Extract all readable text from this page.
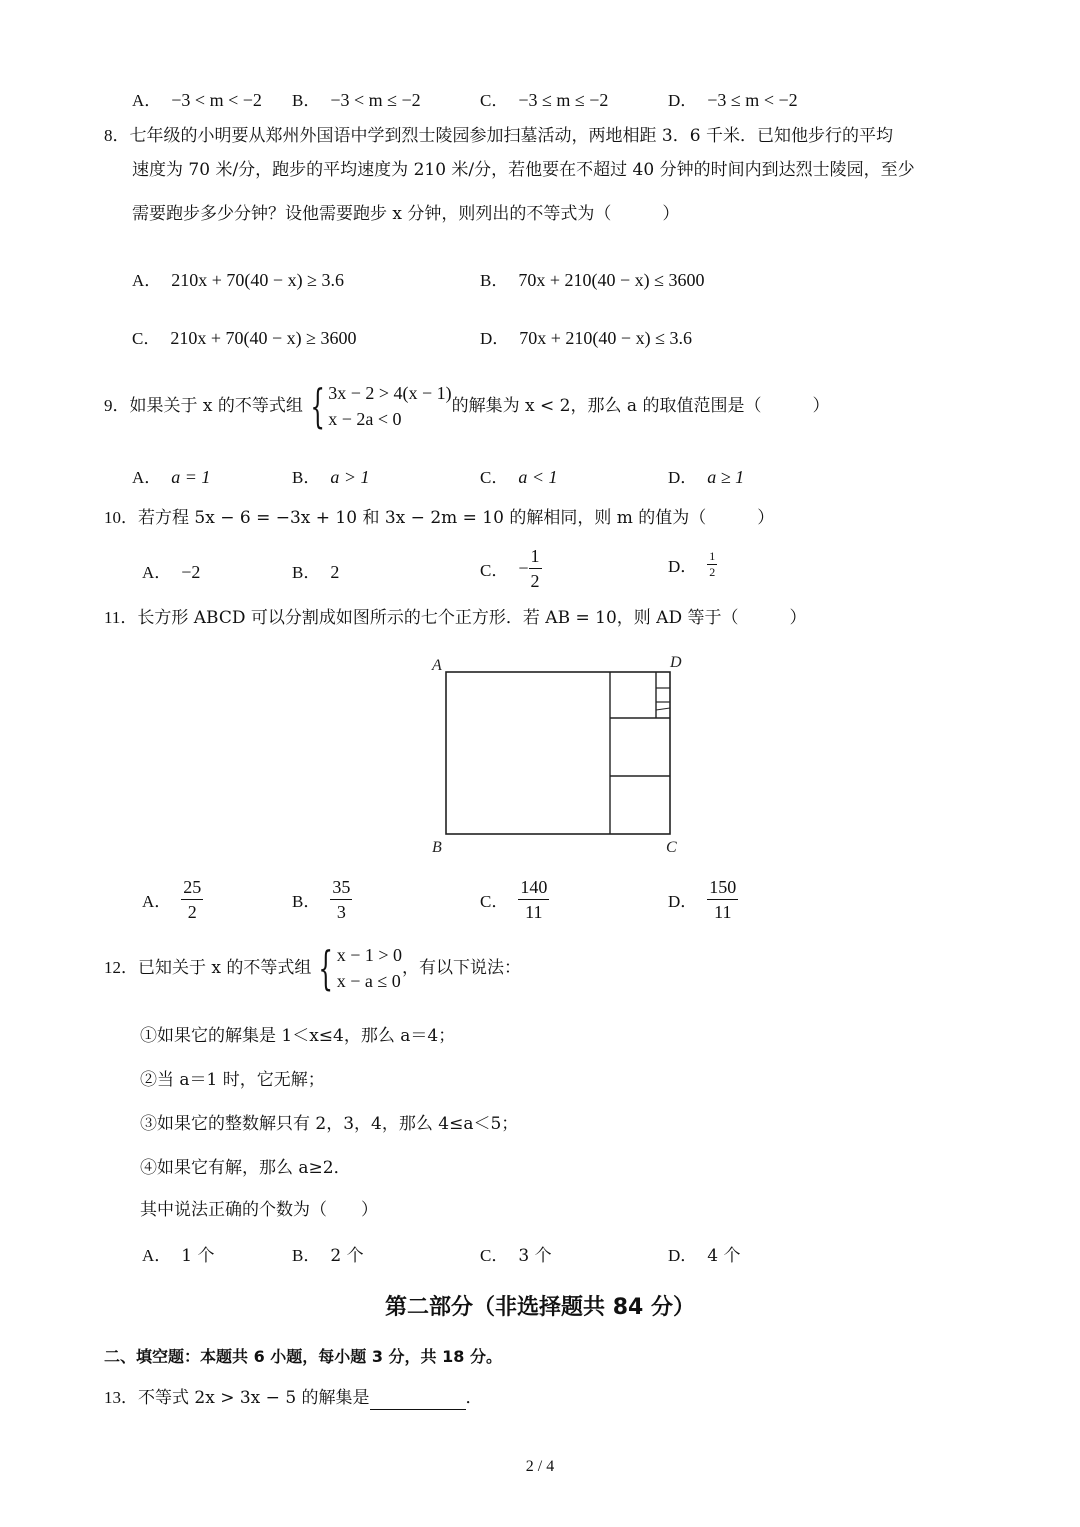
A． −3 < m < −2 B． −3 < m ≤ −2	C． −3 ≤ m ≤ −2	D． −3 ≤ m < −2
8．七年级的小明要从郑州外国语中学到烈士陵园参加扫墓活动，两地相距 3．6 千米．已知他步行的平均
速度为 70 米/分，跑步的平均速度为 210 米/分，若他要在不超过 40 分钟的时间内到达烈士陵园，至少
需要跑步多少分钟？设他需要跑步 x 分钟，则列出的不等式为（　　　）
A． 210x + 70(40 − x) ≥ 3.6	B． 70x + 210(40 − x) ≤ 3600
C． 210x + 70(40 − x) ≥ 3600	D． 70x + 210(40 − x) ≤ 3.6
9． 如果关于 x 的不等式组 { 3x − 2 > 4(x − 1)
x − 2a < 0
的解集为 x < 2，那么 a 的取值范围是（　　　）
A． a = 1	B． a > 1	C． a < 1	D． a ≥ 1
10．若方程 5x − 6 = −3x + 10 和 3x − 2m = 10 的解相同，则 m 的值为（　　　）
A． −2	B． 2	C． − $\frac{1}{2}$	D． $\frac{1}{2}$
11．长方形 ABCD 可以分割成如图所示的七个正方形．若 AB = 10，则 AD 等于（　　　）
A	D
B	C
A． $\frac{25}{2}$	B． $\frac{35}{3}$	C． $\frac{140}{11}$	D． $\frac{150}{11}$
12． 已知关于 x 的不等式组 { x − 1 > 0
x − a ≤ 0
，有以下说法：
①如果它的解集是 1＜x≤4，那么 a＝4；
②当 a＝1 时，它无解；
③如果它的整数解只有 2，3，4，那么 4≤a＜5；
④如果它有解，那么 a≥2．
其中说法正确的个数为（　　）
A． 1 个	B． 2 个	C． 3 个	D． 4 个
第二部分（非选择题共 84 分）
二、填空题：本题共 6 小题，每小题 3 分，共 18 分。
13． 不等式 2x > 3x − 5 的解集是	．
2 / 4
